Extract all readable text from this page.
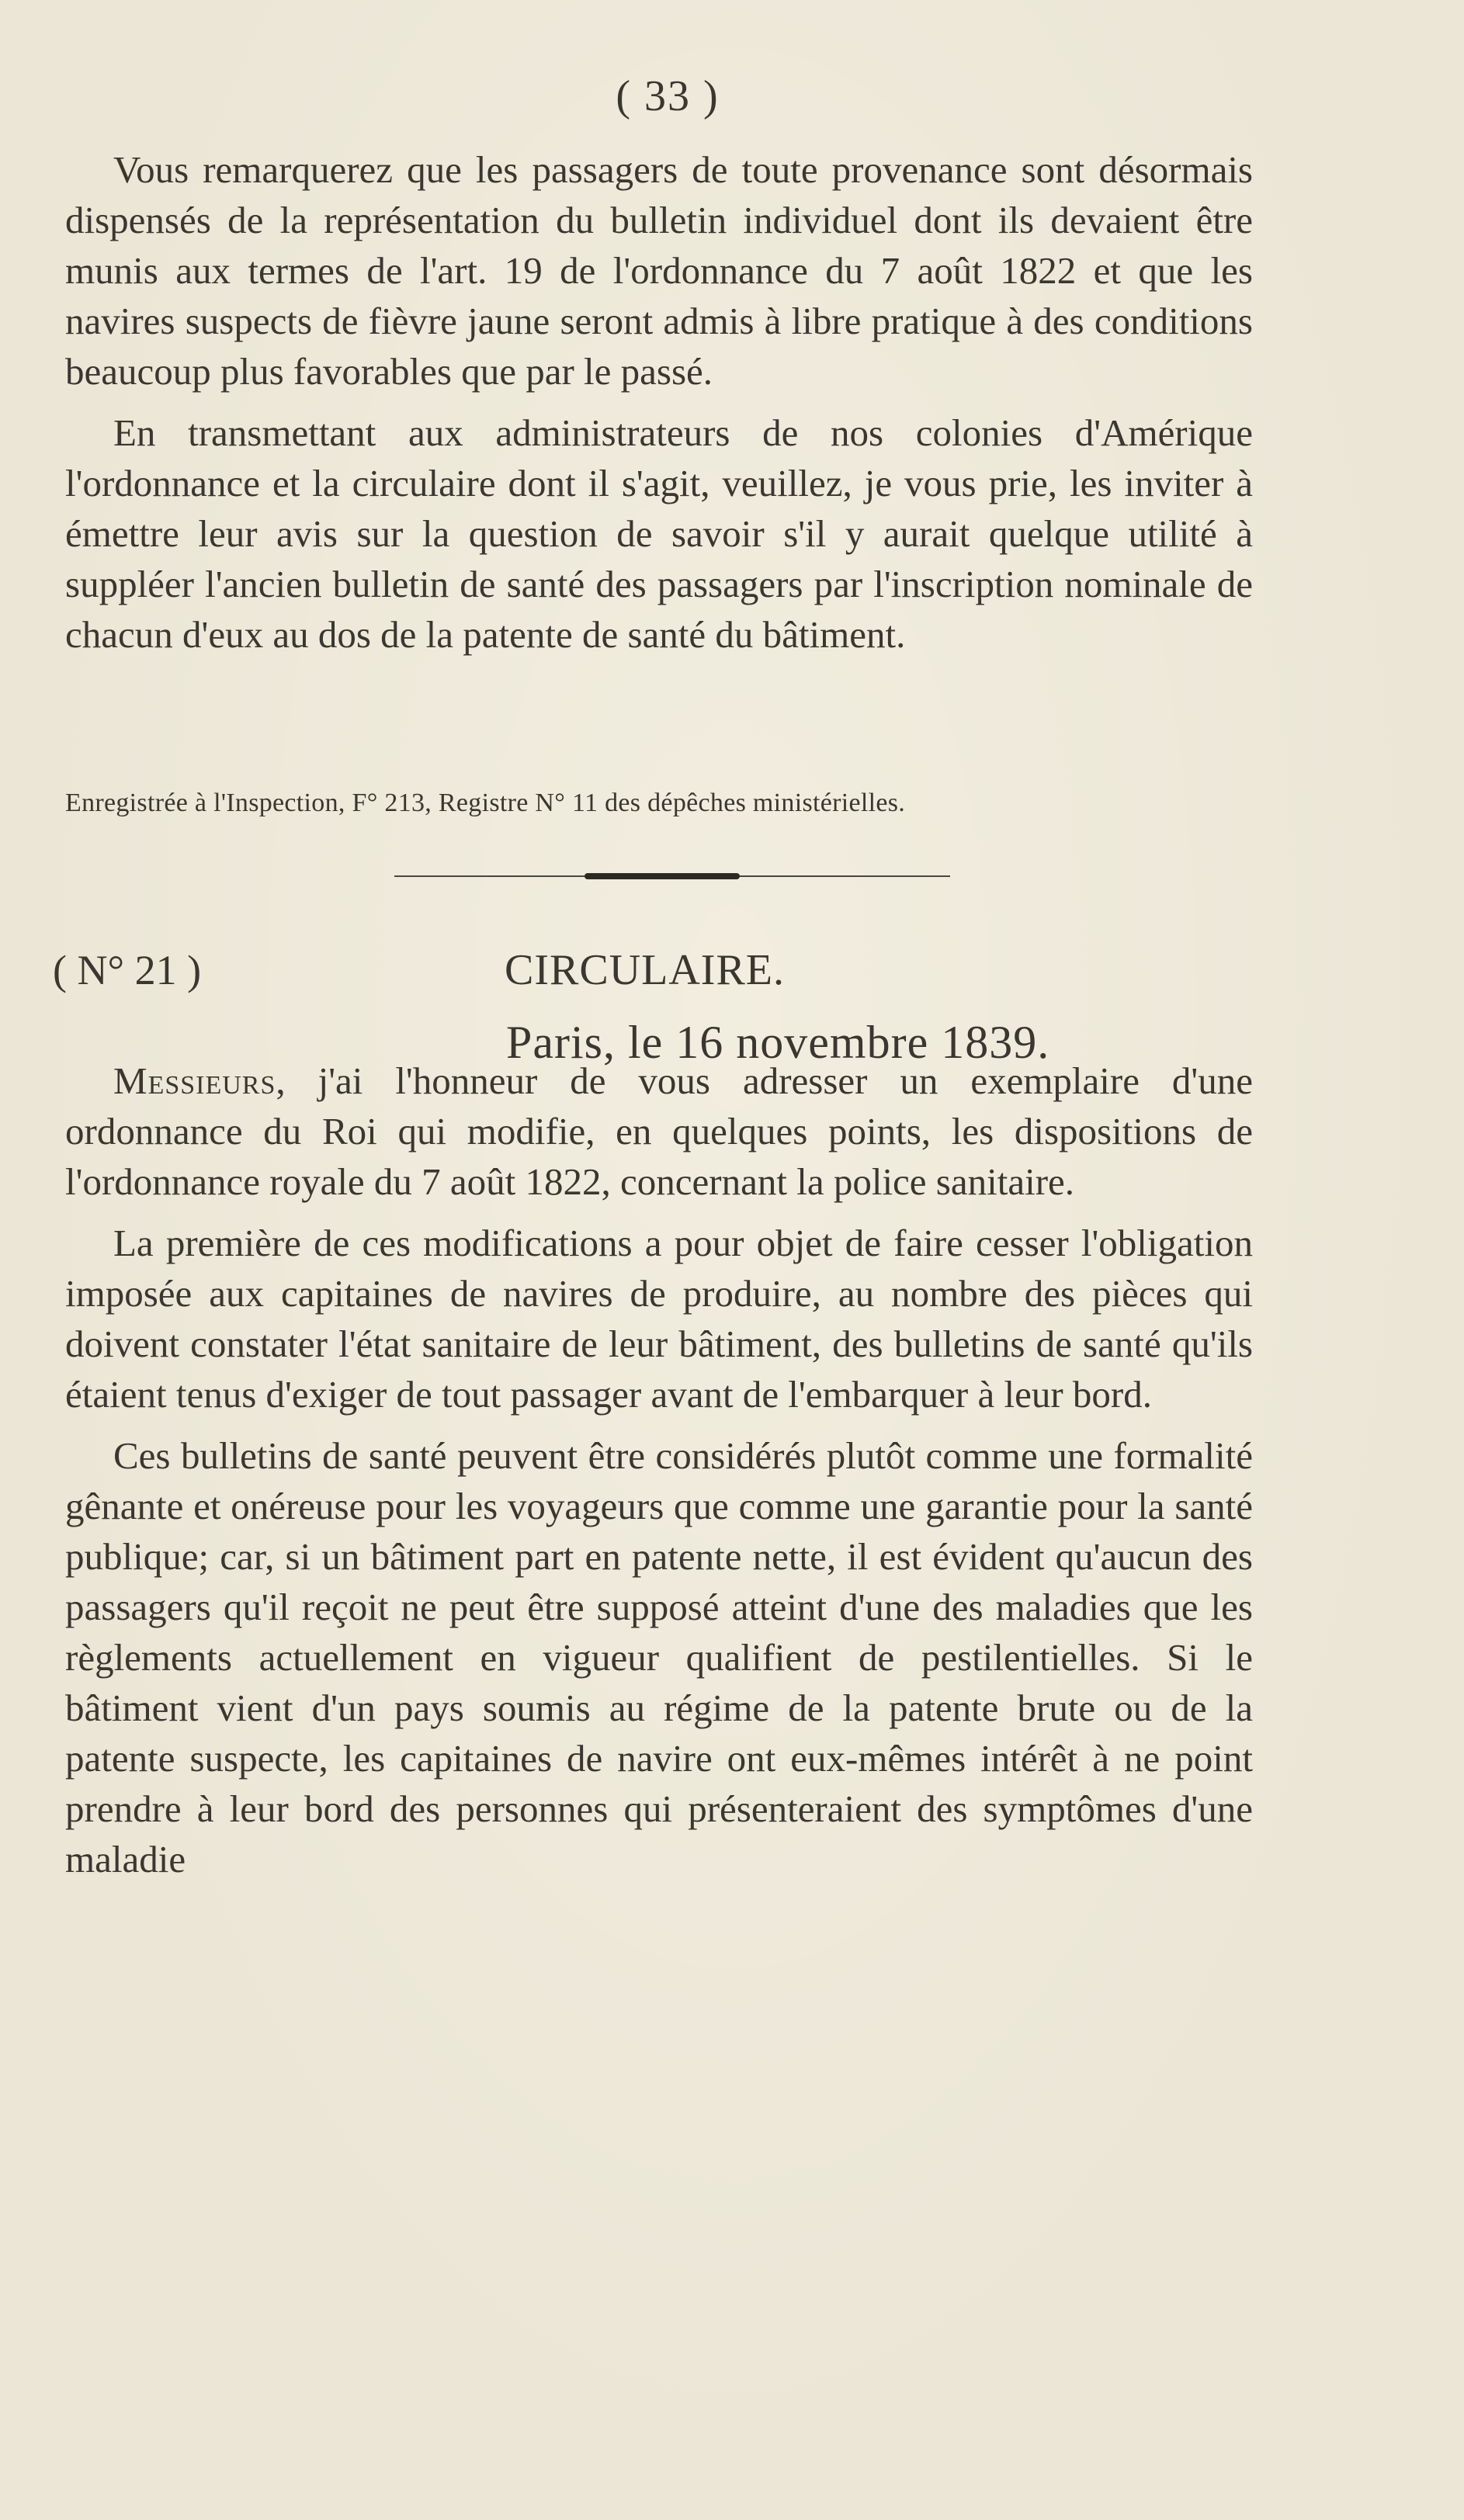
( 33 )

Vous remarquerez que les passagers de toute provenance sont désormais dispensés de la représentation du bulletin individuel dont ils devaient être munis aux termes de l'art. 19 de l'ordonnance du 7 août 1822 et que les navires suspects de fièvre jaune seront admis à libre pratique à des conditions beaucoup plus favorables que par le passé.

En transmettant aux administrateurs de nos colonies d'Amérique l'ordonnance et la circulaire dont il s'agit, veuillez, je vous prie, les inviter à émettre leur avis sur la question de savoir s'il y aurait quelque utilité à suppléer l'ancien bulletin de santé des passagers par l'inscription nominale de chacun d'eux au dos de la patente de santé du bâtiment.

Enregistrée à l'Inspection, F° 213, Registre N° 11 des dépêches ministérielles.
( N° 21 )	CIRCULAIRE.
Paris, le 16 novembre 1839.

Messieurs, j'ai l'honneur de vous adresser un exemplaire d'une ordonnance du Roi qui modifie, en quelques points, les dispositions de l'ordonnance royale du 7 août 1822, concernant la police sanitaire.

La première de ces modifications a pour objet de faire cesser l'obligation imposée aux capitaines de navires de produire, au nombre des pièces qui doivent constater l'état sanitaire de leur bâtiment, des bulletins de santé qu'ils étaient tenus d'exiger de tout passager avant de l'embarquer à leur bord.

Ces bulletins de santé peuvent être considérés plutôt comme une formalité gênante et onéreuse pour les voyageurs que comme une garantie pour la santé publique; car, si un bâtiment part en patente nette, il est évident qu'aucun des passagers qu'il reçoit ne peut être supposé atteint d'une des maladies que les règlements actuellement en vigueur qualifient de pestilentielles. Si le bâtiment vient d'un pays soumis au régime de la patente brute ou de la patente suspecte, les capitaines de navire ont eux-mêmes intérêt à ne point prendre à leur bord des personnes qui présenteraient des symptômes d'une maladie
